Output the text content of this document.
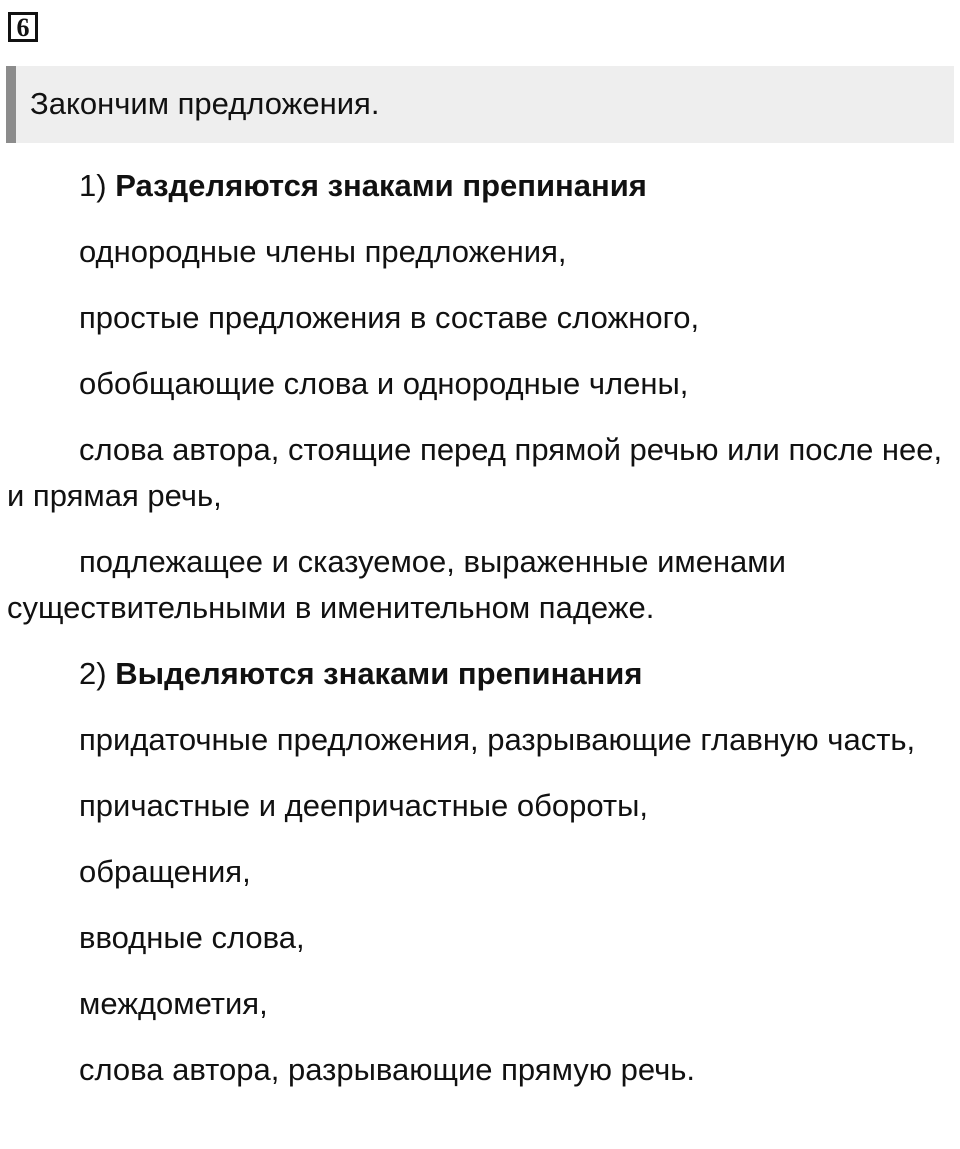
6
Закончим предложения.

1) Разделяются знаками препинания

однородные члены предложения,

простые предложения в составе сложного,

обобщающие слова и однородные члены,

слова автора, стоящие перед прямой речью или после нее, и прямая речь,

подлежащее и сказуемое, выраженные именами существительными в именительном падеже.

2) Выделяются знаками препинания

придаточные предложения, разрывающие главную часть,

причастные и деепричастные обороты,

обращения,

вводные слова,

междометия,

слова автора, разрывающие прямую речь.
